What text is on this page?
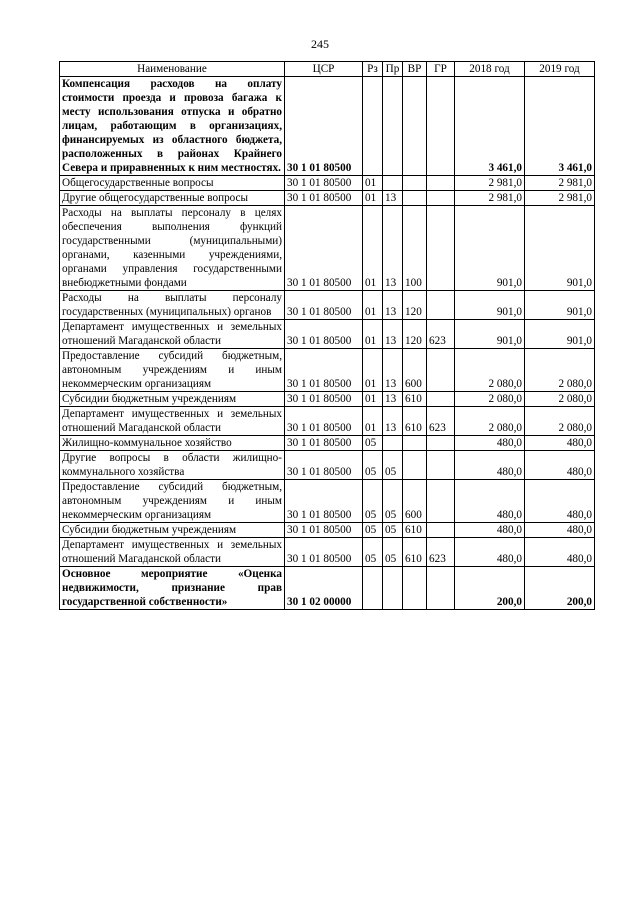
245
Наименование	ЦСР	Рз	Пр	ВР	ГР	2018 год	2019 год
Компенсация расходов на оплату стоимости проезда и провоза багажа к месту использования отпуска и обратно лицам, работающим в организациях, финансируемых из областного бюджета, расположенных в районах Крайнего Севера и приравненных к ним местностях.	30 1 01 80500					3 461,0	3 461,0
Общегосударственные вопросы	30 1 01 80500	01				2 981,0	2 981,0
Другие общегосударственные вопросы	30 1 01 80500	01	13			2 981,0	2 981,0
Расходы на выплаты персоналу в целях обеспечения выполнения функций государственными (муниципальными) органами, казенными учреждениями, органами управления государственными внебюджетными фондами	30 1 01 80500	01	13	100		901,0	901,0
Расходы на выплаты персоналу государственных (муниципальных) органов	30 1 01 80500	01	13	120		901,0	901,0
Департамент имущественных и земельных отношений Магаданской области	30 1 01 80500	01	13	120	623	901,0	901,0
Предоставление субсидий бюджетным, автономным учреждениям и иным некоммерческим организациям	30 1 01 80500	01	13	600		2 080,0	2 080,0
Субсидии бюджетным учреждениям	30 1 01 80500	01	13	610		2 080,0	2 080,0
Департамент имущественных и земельных отношений Магаданской области	30 1 01 80500	01	13	610	623	2 080,0	2 080,0
Жилищно-коммунальное хозяйство	30 1 01 80500	05				480,0	480,0
Другие вопросы в области жилищно-коммунального хозяйства	30 1 01 80500	05	05			480,0	480,0
Предоставление субсидий бюджетным, автономным учреждениям и иным некоммерческим организациям	30 1 01 80500	05	05	600		480,0	480,0
Субсидии бюджетным учреждениям	30 1 01 80500	05	05	610		480,0	480,0
Департамент имущественных и земельных отношений Магаданской области	30 1 01 80500	05	05	610	623	480,0	480,0
Основное мероприятие «Оценка недвижимости, признание прав государственной собственности»	30 1 02 00000					200,0	200,0
